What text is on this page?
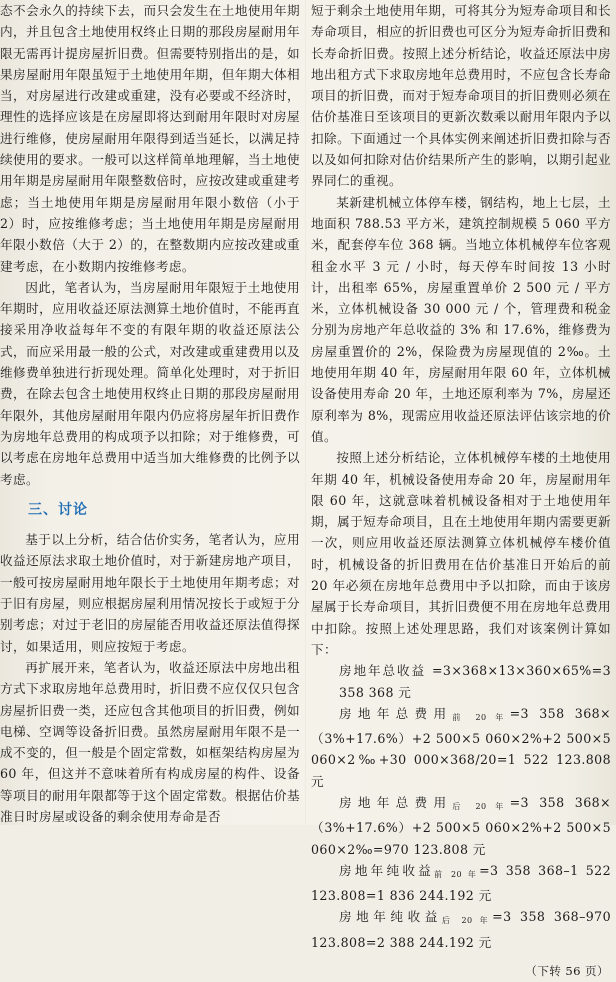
态不会永久的持续下去，而只会发生在土地使用年期内，并且包含土地使用权终止日期的那段房屋耐用年限无需再计提房屋折旧费。但需要特别指出的是，如果房屋耐用年限虽短于土地使用年期，但年期大体相当，对房屋进行改建或重建，没有必要或不经济时，理性的选择应该是在房屋即将达到耐用年限时对房屋进行维修，使房屋耐用年限得到适当延长，以满足持续使用的要求。一般可以这样简单地理解，当土地使用年期是房屋耐用年限整数倍时，应按改建或重建考虑；当土地使用年期是房屋耐用年限小数倍（小于 2）时，应按维修考虑；当土地使用年期是房屋耐用年限小数倍（大于 2）的，在整数期内应按改建或重建考虑，在小数期内按维修考虑。

因此，笔者认为，当房屋耐用年限短于土地使用年期时，应用收益还原法测算土地价值时，不能再直接采用净收益每年不变的有限年期的收益还原法公式，而应采用最一般的公式，对改建或重建费用以及维修费单独进行折现处理。简单化处理时，对于折旧费，在除去包含土地使用权终止日期的那段房屋耐用年限外，其他房屋耐用年限内仍应将房屋年折旧费作为房地年总费用的构成项予以扣除；对于维修费，可以考虑在房地年总费用中适当加大维修费的比例予以考虑。

三、讨论

基于以上分析，结合估价实务，笔者认为，应用收益还原法求取土地价值时，对于新建房地产项目，一般可按房屋耐用地年限长于土地使用年期考虑；对于旧有房屋，则应根据房屋利用情况按长于或短于分别考虑；对过于老旧的房屋能否用收益还原法值得探讨，如果适用，则应按短于考虑。

再扩展开来，笔者认为，收益还原法中房地出租方式下求取房地年总费用时，折旧费不应仅仅只包含房屋折旧费一类，还应包含其他项目的折旧费，例如电梯、空调等设备折旧费。虽然房屋耐用年限不是一成不变的，但一般是个固定常数，如框架结构房屋为 60 年，但这并不意味着所有构成房屋的构件、设备等项目的耐用年限都等于这个固定常数。根据估价基准日时房屋或设备的剩余使用寿命是否

短于剩余土地使用年期，可将其分为短寿命项目和长寿命项目，相应的折旧费也可区分为短寿命折旧费和长寿命折旧费。按照上述分析结论，收益还原法中房地出租方式下求取房地年总费用时，不应包含长寿命项目的折旧费，而对于短寿命项目的折旧费则必须在估价基准日至该项目的更新次数乘以耐用年限内予以扣除。下面通过一个具体实例来阐述折旧费扣除与否以及如何扣除对估价结果所产生的影响，以期引起业界同仁的重视。

某新建机械立体停车楼，钢结构，地上七层，土地面积 788.53 平方米，建筑控制规模 5 060 平方米，配套停车位 368 辆。当地立体机械停车位客观租金水平 3 元 / 小时，每天停车时间按 13 小时计，出租率 65%，房屋重置单价 2 500 元 / 平方米，立体机械设备 30 000 元 / 个，管理费和税金分别为房地产年总收益的 3% 和 17.6%，维修费为房屋重置价的 2%，保险费为房屋现值的 2‰。土地使用年期 40 年，房屋耐用年限 60 年，立体机械设备使用寿命 20 年，土地还原利率为 7%，房屋还原利率为 8%，现需应用收益还原法评估该宗地的价值。

按照上述分析结论，立体机械停车楼的土地使用年期 40 年，机械设备使用寿命 20 年，房屋耐用年限 60 年，这就意味着机械设备相对于土地使用年期，属于短寿命项目，且在土地使用年期内需要更新一次，则应用收益还原法测算立体机械停车楼价值时，机械设备的折旧费用在估价基准日开始后的前 20 年必须在房地年总费用中予以扣除，而由于该房屋属于长寿命项目，其折旧费便不用在房地年总费用中扣除。按照上述处理思路，我们对该案例计算如下：

房地年总收益 =3×368×13×360×65%=3 358 368 元

房地年总费用$_{前 20 年}$=3 358 368×（3%+17.6%）+2 500×5 060×2%+2 500×5 060×2‰+30 000×368/20=1 522 123.808 元

房地年总费用$_{后 20 年}$=3 358 368×（3%+17.6%）+2 500×5 060×2%+2 500×5 060×2‰=970 123.808 元

房地年纯收益$_{前 20 年}$=3 358 368–1 522 123.808=1 836 244.192 元

房地年纯收益$_{后 20 年}$=3 358 368–970 123.808=2 388 244.192 元

（下转 56 页）
